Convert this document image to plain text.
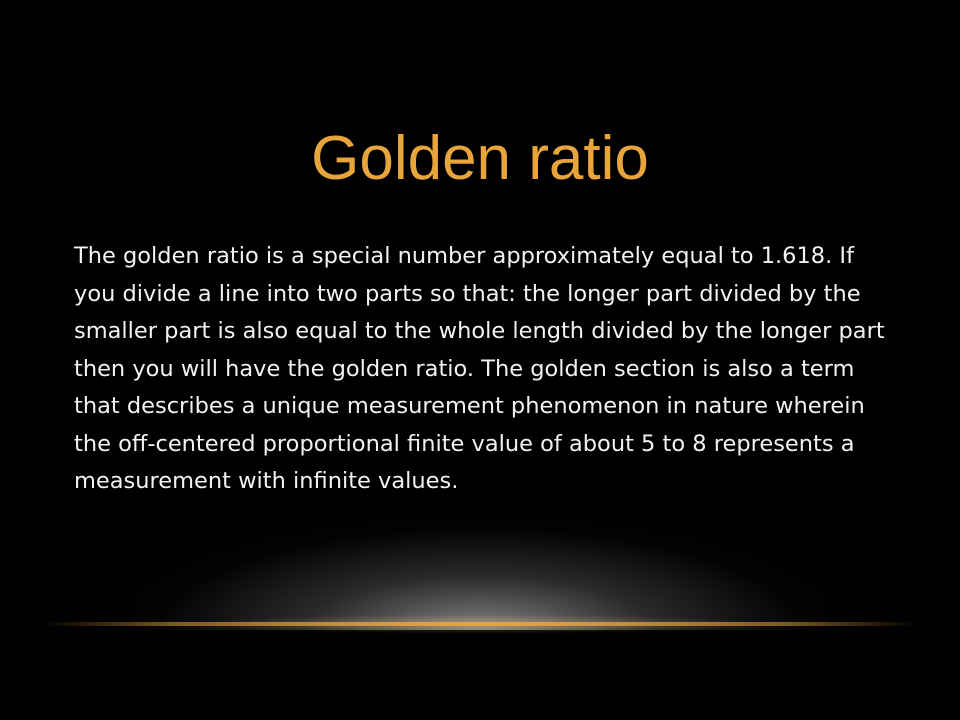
Golden ratio

The golden ratio is a special number approximately equal to 1.618. If you divide a line into two parts so that: the longer part divided by the smaller part is also equal to the whole length divided by the longer part then you will have the golden ratio. The golden section is also a term that describes a unique measurement phenomenon in nature wherein the off-centered proportional finite value of about 5 to 8 represents a measurement with infinite values.
